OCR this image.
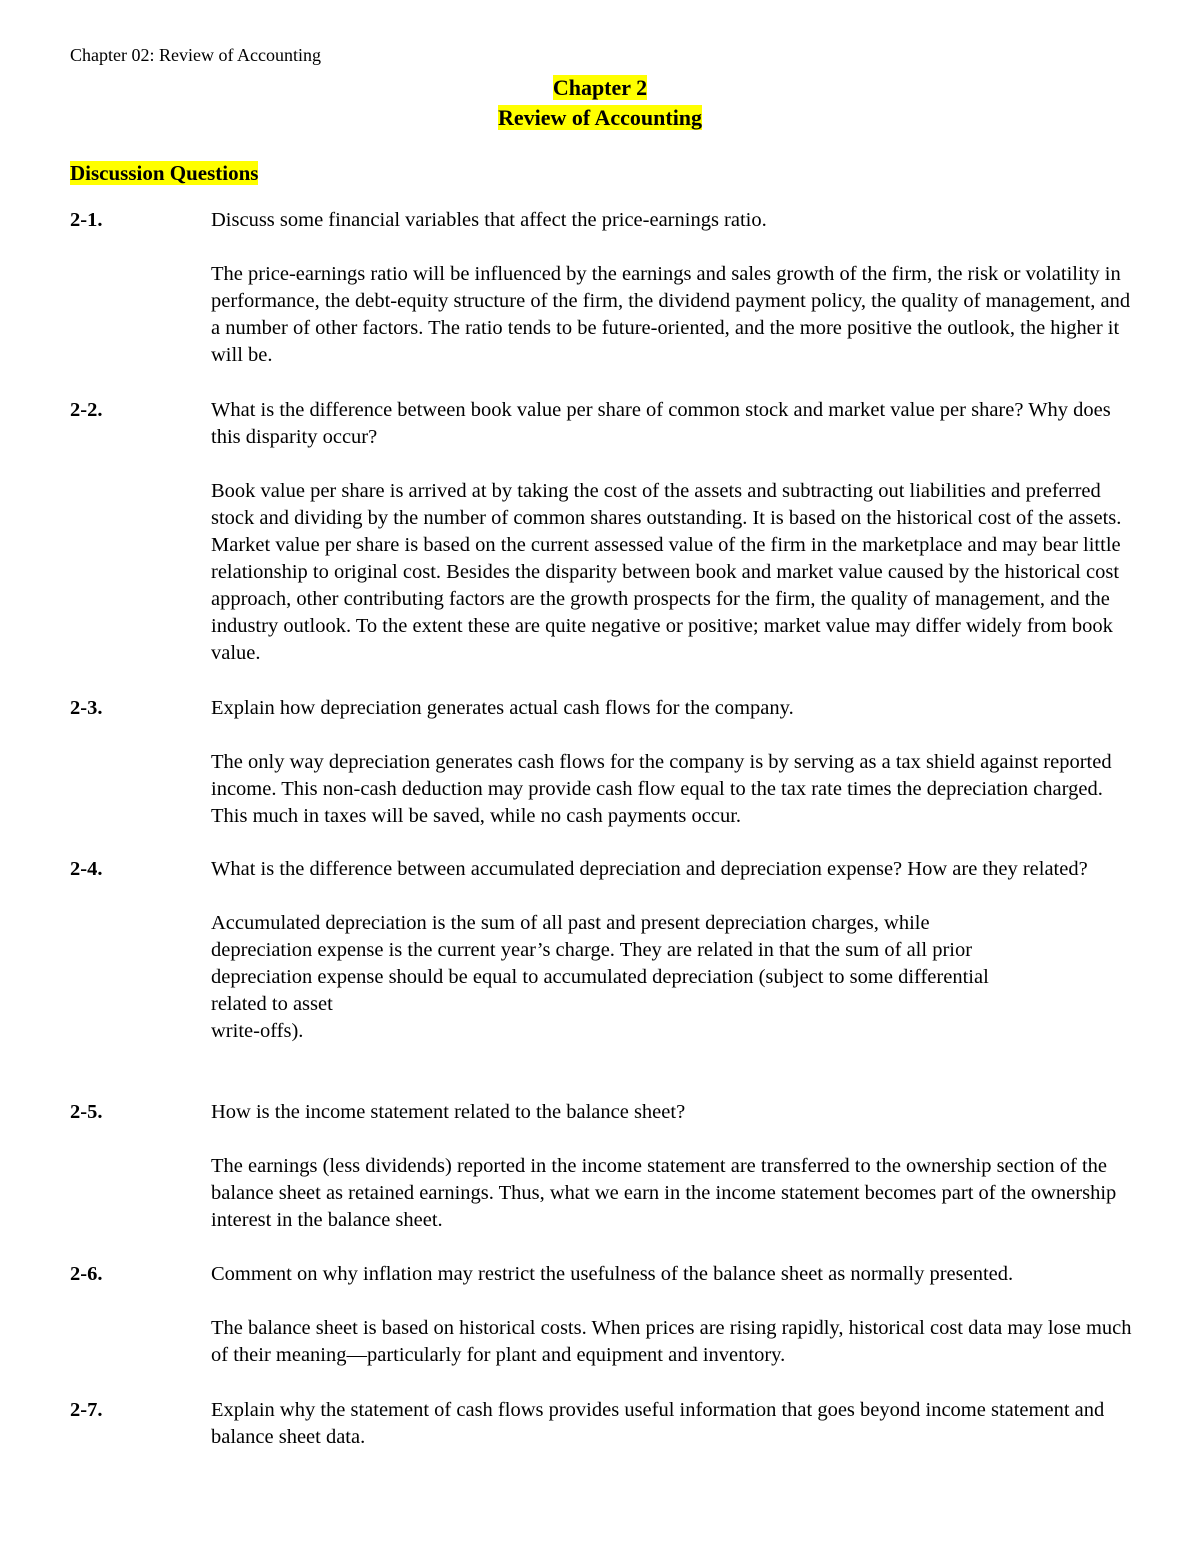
Chapter 02: Review of Accounting
Chapter 2
Review of Accounting
Discussion Questions
2-1.	Discuss some financial variables that affect the price-earnings ratio.

The price-earnings ratio will be influenced by the earnings and sales growth of the firm, the risk or volatility in performance, the debt-equity structure of the firm, the dividend payment policy, the quality of management, and a number of other factors. The ratio tends to be future-oriented, and the more positive the outlook, the higher it will be.

2-2.	What is the difference between book value per share of common stock and market value per share? Why does this disparity occur?

Book value per share is arrived at by taking the cost of the assets and subtracting out liabilities and preferred stock and dividing by the number of common shares outstanding. It is based on the historical cost of the assets. Market value per share is based on the current assessed value of the firm in the marketplace and may bear little relationship to original cost. Besides the disparity between book and market value caused by the historical cost approach, other contributing factors are the growth prospects for the firm, the quality of management, and the industry outlook. To the extent these are quite negative or positive; market value may differ widely from book value.

2-3.	Explain how depreciation generates actual cash flows for the company.

The only way depreciation generates cash flows for the company is by serving as a tax shield against reported income. This non-cash deduction may provide cash flow equal to the tax rate times the depreciation charged. This much in taxes will be saved, while no cash payments occur.

2-4.	What is the difference between accumulated depreciation and depreciation expense? How are they related?

Accumulated depreciation is the sum of all past and present depreciation charges, while
depreciation expense is the current year’s charge. They are related in that the sum of all prior
depreciation expense should be equal to accumulated depreciation (subject to some differential
related to asset
write-offs).

2-5.	How is the income statement related to the balance sheet?

The earnings (less dividends) reported in the income statement are transferred to the ownership section of the balance sheet as retained earnings. Thus, what we earn in the income statement becomes part of the ownership interest in the balance sheet.

2-6.	Comment on why inflation may restrict the usefulness of the balance sheet as normally presented.

The balance sheet is based on historical costs. When prices are rising rapidly, historical cost data may lose much of their meaning—particularly for plant and equipment and inventory.

2-7.	Explain why the statement of cash flows provides useful information that goes beyond income statement and balance sheet data.
